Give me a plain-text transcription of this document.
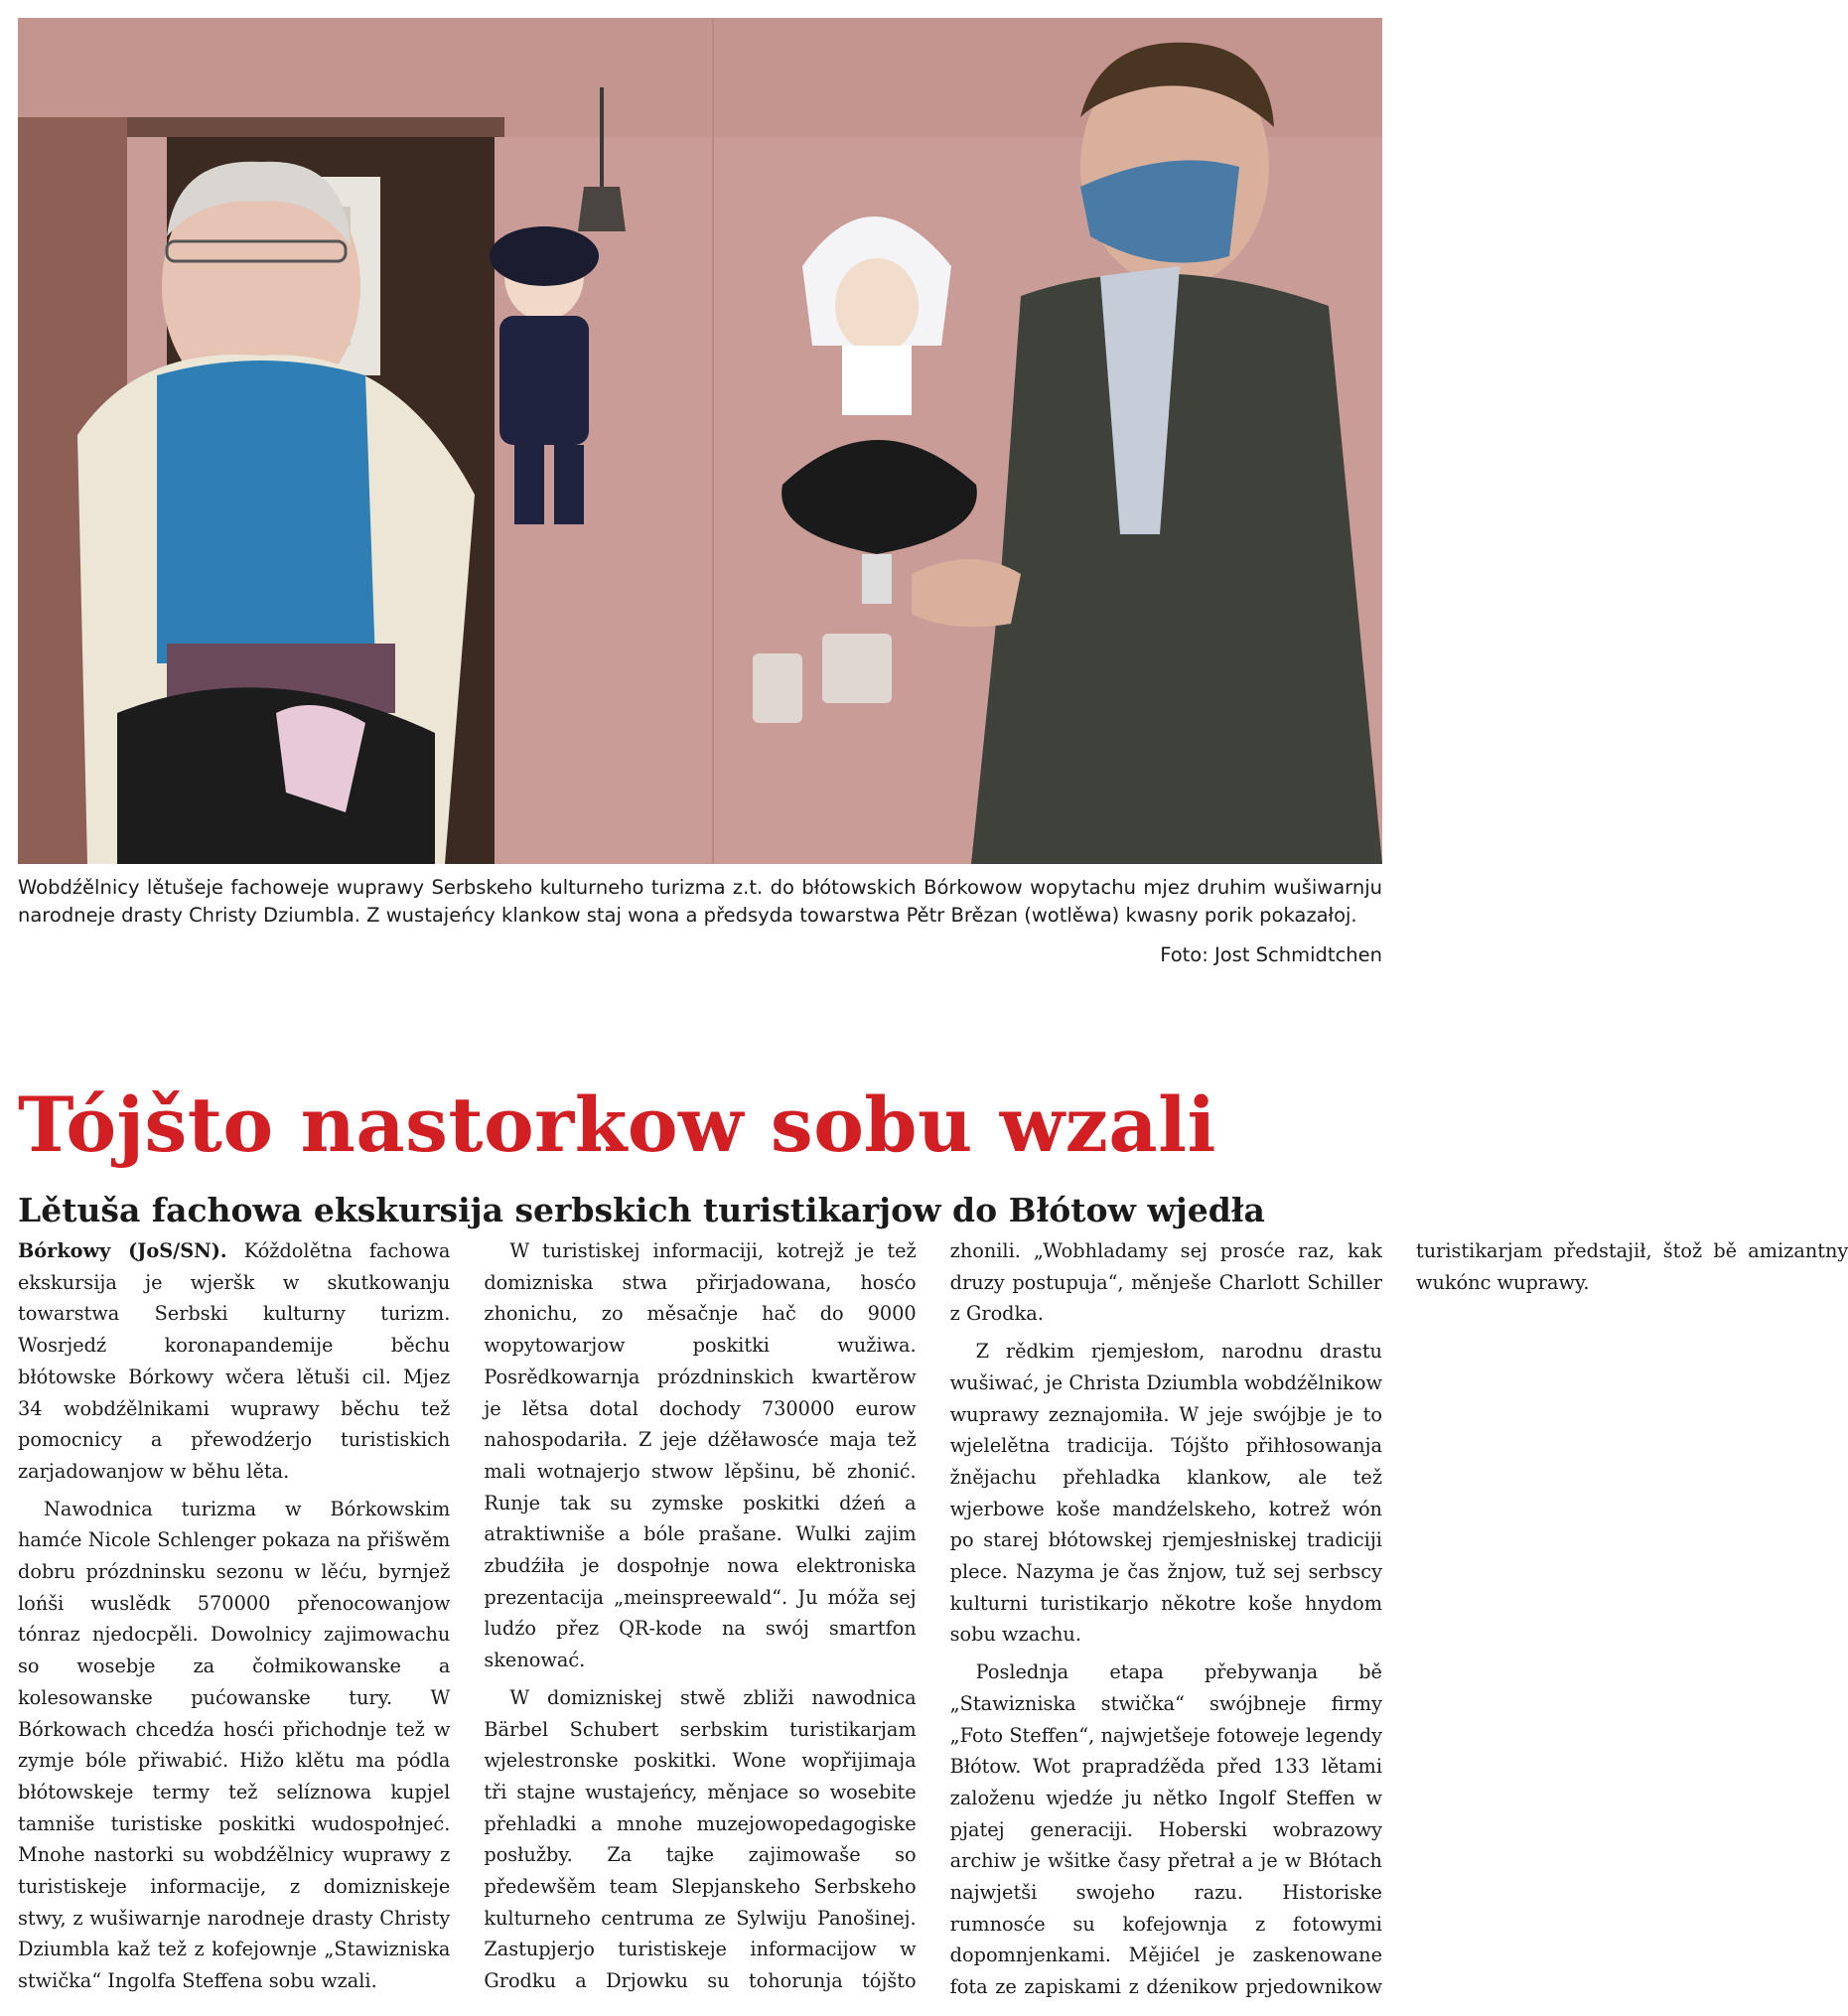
Wobdźělnicy lětušeje fachoweje wuprawy Serbskeho kulturneho turizma z.t. do błótowskich Bórkowow wopytachu mjez druhim wušiwarnju narodneje drasty Christy Dziumbla. Z wustajeńcy klankow staj wona a předsyda towarstwa Pětr Brězan (wotlěwa) kwasny porik pokazałoj.
Foto: Jost Schmidtchen
Tójšto nastorkow sobu wzali
Lětuša fachowa ekskursija serbskich turistikarjow do Błótow wjedła

Bórkowy (JoS/SN). Kóždolětna fachowa ekskursija je wjeršk w skutkowanju towarstwa Serbski kulturny turizm. Wosrjedź koronapandemije běchu błótowske Bórkowy wčera lětuši cil. Mjez 34 wobdźělnikami wuprawy běchu tež pomocnicy a přewodźerjo turistiskich zarjadowanjow w běhu lěta.

Nawodnica turizma w Bórkowskim hamće Nicole Schlenger pokaza na přišwěm dobru prózdninsku sezonu w lěću, byrnjež lońši wuslědk 570000 přenocowanjow tónraz njedocpěli. Dowolnicy zajimowachu so wosebje za čołmikowanske a kolesowanske pućowanske tury. W Bórkowach chcedźa hosći přichodnje tež w zymje bóle přiwabić. Hižo klětu ma pódla błótowskeje termy tež selíznowa kupjel tamniše turistiske poskitki wudospołnjeć. Mnohe nastorki su wobdźělnicy wuprawy z turistiskeje informacije, z domizniskeje stwy, z wušiwarnje narodneje drasty Christy Dziumbla kaž tež z kofejownje „Stawizniska stwička“ Ingolfa Steffena sobu wzali.

W turistiskej informaciji, kotrejž je tež domizniska stwa přirjadowana, hosćo zhonichu, zo měsačnje hač do 9000 wopytowarjow poskitki wužiwa. Posrědkowarnja prózdninskich kwartěrow je lětsa dotal dochody 730000 eurow nahospodariła. Z jeje dźěławosće maja tež mali wotnajerjo stwow lěpšinu, bě zhonić. Runje tak su zymske poskitki dźeń a atraktiwniše a bóle prašane. Wulki zajim zbudźiła je dospołnje nowa elektroniska prezentacija „meinspreewald“. Ju móža sej ludźo přez QR-kode na swój smartfon skenować.

W domizniskej stwě zbliži nawodnica Bärbel Schubert serbskim turistikarjam wjelestronske poskitki. Wone wopřijimaja tři stajne wustajeńcy, měnjace so wosebite přehladki a mnohe muzejowopedagogiske posłužby. Za tajke zajimowaše so předewšěm team Slepjanskeho Serbskeho kulturneho centruma ze Sylwiju Panošinej. Zastupjerjo turistiskeje informacijow w Grodku a Drjowku su tohorunja tójšto zhonili. „Wobhladamy sej prosće raz, kak druzy postupuja“, měnješe Charlott Schiller z Grodka.

Z rědkim rjemjesłom, narodnu drastu wušiwać, je Christa Dziumbla wobdźělnikow wuprawy zeznajomiła. W jeje swójbje je to wjelelětna tradicija. Tójšto přihłosowanja žnějachu přehladka klankow, ale tež wjerbowe koše mandźelskeho, kotrež wón po starej błótowskej rjemjesłniskej tradiciji plece. Nazyma je čas žnjow, tuž sej serbscy kulturni turistikarjo někotre koše hnydom sobu wzachu.

Poslednja etapa přebywanja bě „Stawizniska stwička“ swójbneje firmy „Foto Steffen“, najwjetšeje fotoweje legendy Błótow. Wot prapradźěda před 133 lětami založenu wjedźe ju nětko Ingolf Steffen w pjatej generaciji. Hoberski wobrazowy archiw je wšitke časy přetrał a je w Błótach najwjetši swojeho razu. Historiske rumnosće su kofejownja z fotowymi dopomnjenkami. Mějićel je zaskenowane fota ze zapiskami z dźenikow prjedownikow turistikarjam předstajił, štož bě amizantny wukónc wuprawy.
